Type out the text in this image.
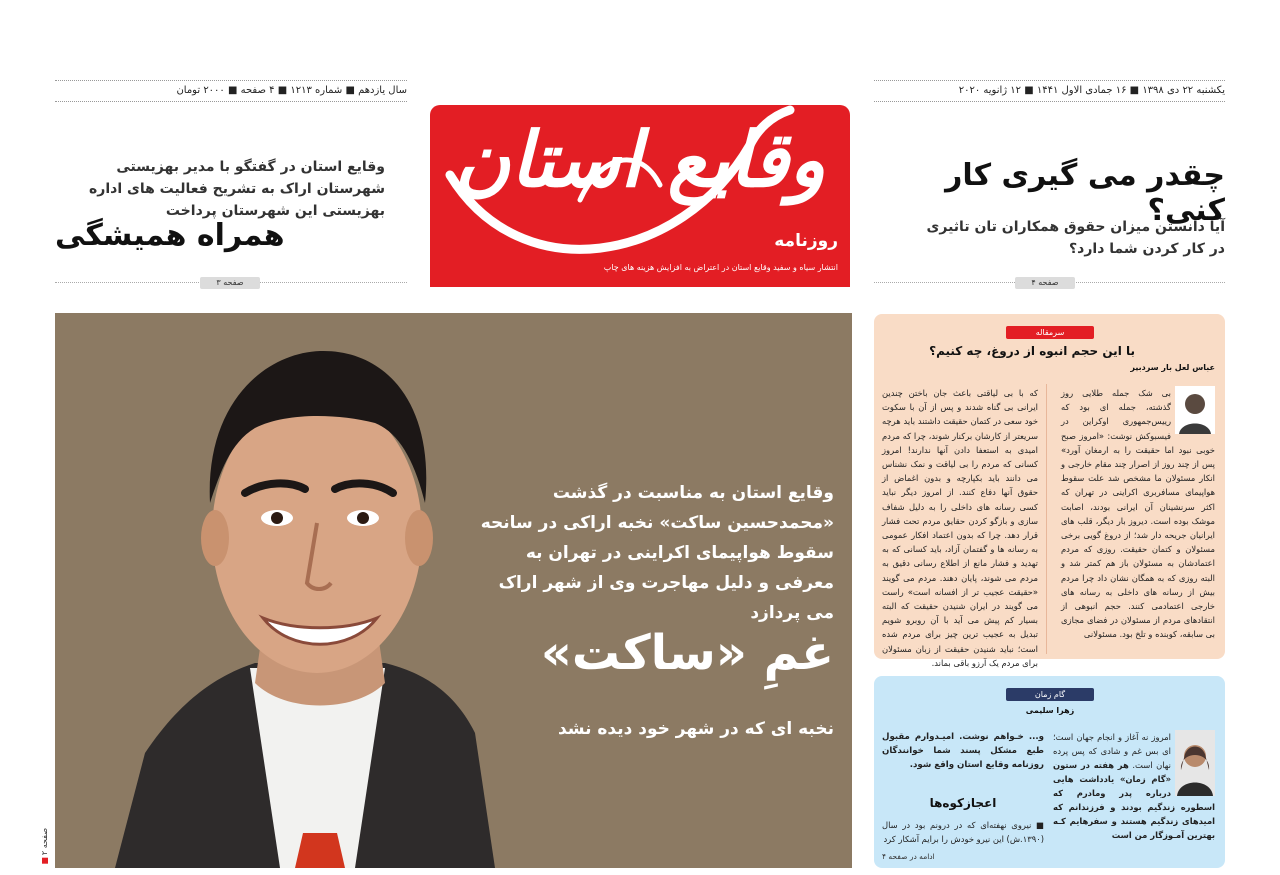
سال یازدهم ■ شماره ۱۲۱۳ ■ ۴ صفحه ■ ۲۰۰۰ تومان	یکشنبه ۲۲ دی ۱۳۹۸ ■ ۱۶ جمادی الاول ۱۴۴۱ ■ ۱۲ ژانویه ۲۰۲۰
وقایع استان
روزنامه
انتشار سیاه و سفید وقایع استان در اعتراض به افزایش هزینه های چاپ
وقایع استان در گفتگو با مدیر بهزیستی شهرستان اراک به تشریح فعالیت های اداره بهزیستی این شهرستان پرداخت
همراه همیشگی
صفحه ۳
چقدر می گیری کار کنی؟
آیا دانستن میزان حقوق همکاران تان تاثیری در کار کردن شما دارد؟
صفحه ۴
وقایع استان به مناسبت در گذشت «محمدحسین ساکت» نخبه اراکی در سانحه سقوط هواپیمای اکراینی در تهران به معرفی و دلیل مهاجرت وی از شهر اراک می پردازد
غمِ «ساکت»
نخبه ای که در شهر خود دیده نشد
سرمقاله
با این حجم انبوه از دروغ، چه کنیم؟
عباس لعل بار سردبیر
بی شک جمله طلایی روز گذشته، جمله ای بود که رییس‌جمهوری اوکراین در فیسبوکش نوشت: «امروز صبح خوبی نبود اما حقیقت را به ارمغان آورد» پس از چند روز از اصرار چند مقام خارجی و انکار مسئولان ما مشخص شد علت سقوط هواپیمای مسافربری اکراینی در تهران که اکثر سرنشینان آن ایرانی بودند، اصابت موشک بوده است. دیروز بار دیگر، قلب های ایرانیان جریحه دار شد؛ از دروغ گویی برخی مسئولان و کتمان حقیقت. روزی که مردم اعتمادشان به مسئولان باز هم کمتر شد و البته روزی که به همگان نشان داد چرا مردم بیش از رسانه های داخلی به رسانه های خارجی اعتمادمی کنند. حجم انبوهی از انتقادهای مردم از مسئولان در فضای مجازی بی سابقه، کوبنده و تلخ بود. مسئولانی
که با بی لیاقتی باعث جان باختن چندین ایرانی بی گناه شدند و پس از آن با سکوت خود سعی در کتمان حقیقت داشتند باید هرچه سریعتر از کارشان برکنار شوند، چرا که مردم امیدی به استعفا دادن آنها ندارند! امروز کسانی که مردم را بی لیاقت و نمک نشناس می دانند باید بکپارچه و بدون اغماض از حقوق آنها دفاع کنند. از امروز دیگر نباید کسی رسانه های داخلی را به دلیل شفاف سازی و بازگو کردن حقایق مردم تحت فشار قرار دهد. چرا که بدون اعتماد افکار عمومی به رسانه ها و گفتمان آزاد، باید کسانی که به تهدید و فشار مانع از اطلاع رسانی دقیق به مردم می شوند، پایان دهند. مردم می گویند «حقیقت عجیب تر از افسانه است» راست می گویند در ایران شنیدن حقیقت که البته بسیار کم پیش می آید با آن روبرو شویم تبدیل به عجیب ترین چیز برای مردم شده است؛ نباید شنیدن حقیقت از زبان مسئولان برای مردم یک آرزو باقی بماند.
گام زمان
زهرا سلیمی
امروز نه آغاز و انجام جهان است؛ ای بس غم و شادی که پس پرده نهان است. هر هفته در ستون «گام زمان» یادداشت هایی درباره پدر ومادرم که اسطوره زندگیم بودند و فرزندانم که امیدهای زندگیم هستند و سفرهایم کـه بهترین آمـوزگار من است
و... خـواهم نوشت. امیـدوارم مقبول طبع مشکل پسند شما خوانندگان روزنامه وقایع استان واقع شود.
اعجازکوه‌ها
■ نیروی نهفته‌ای که در درونم بود در سال (۱۳۹۰.ش) این نیرو خودش را برایم آشکار کرد
ادامه در صفحه ۴
صفحه ۲
